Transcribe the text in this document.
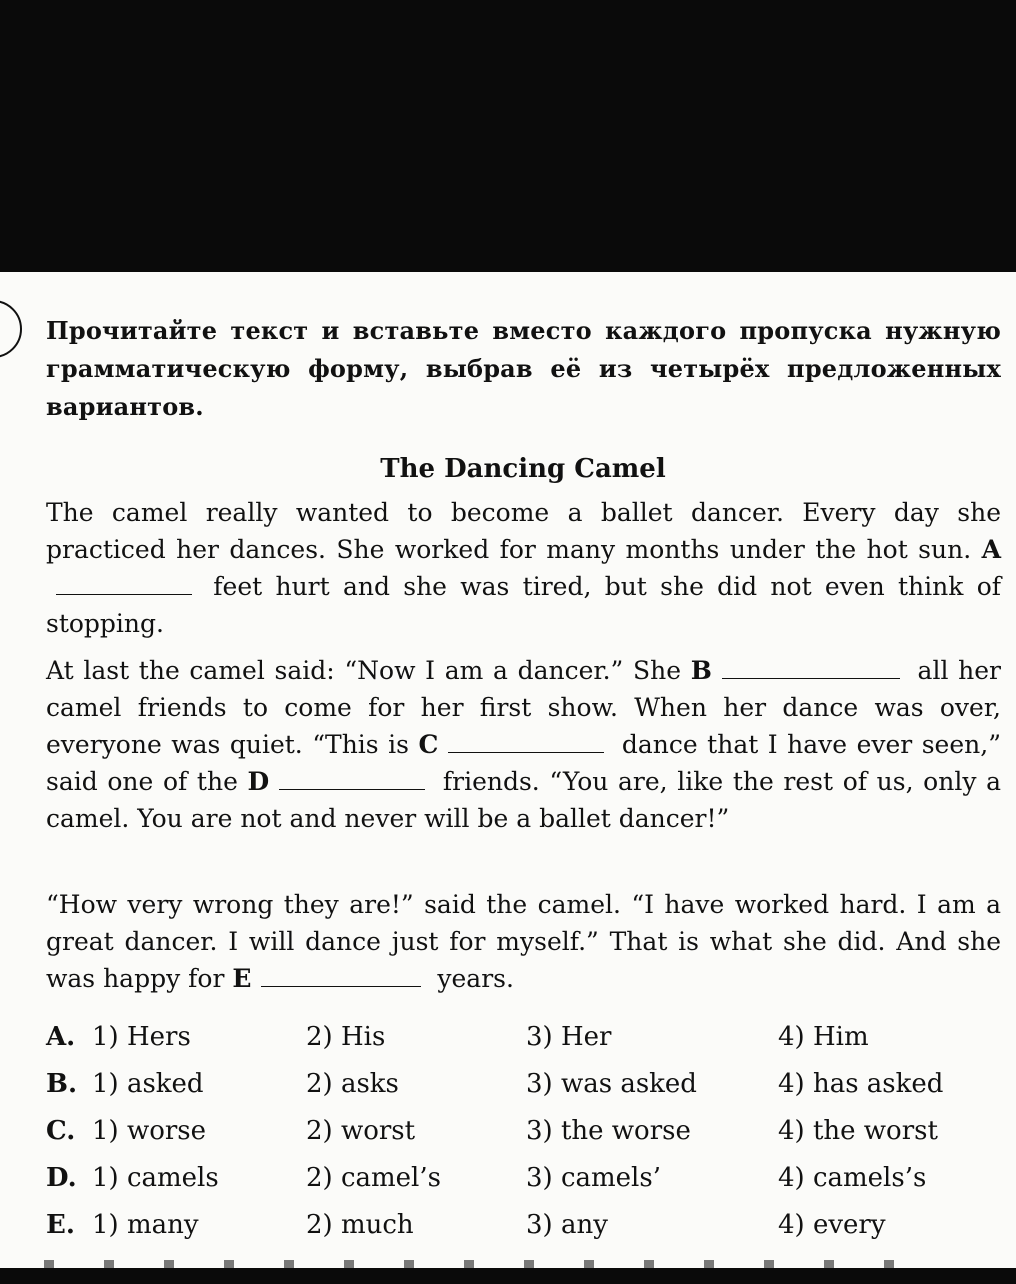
Прочитайте текст и вставьте вместо каждого пропуска нужную грамматическую форму, выбрав её из четырёх предложенных вариантов.
The Dancing Camel
The camel really wanted to become a ballet dancer. Every day she practiced her dances. She worked for many months under the hot sun. A feet hurt and she was tired, but she did not even think of stopping.
At last the camel said: “Now I am a dancer.” She B	all her camel friends to come for her first show. When her dance was over, everyone was quiet. “This is C	dance that I have ever seen,” said one of the D	friends. “You are, like the rest of us, only a camel. You are not and never will be a ballet dancer!”
“How very wrong they are!” said the camel. “I have worked hard. I am a great dancer. I will dance just for myself.” That is what she did. And she was happy for E	years.
A. 1) Hers	2) His	3) Her	4) Him
B. 1) asked	2) asks	3) was asked	4) has asked
C. 1) worse	2) worst	3) the worse	4) the worst
D. 1) camels	2) camel’s	3) camels’	4) camels’s
E. 1) many	2) much	3) any	4) every
